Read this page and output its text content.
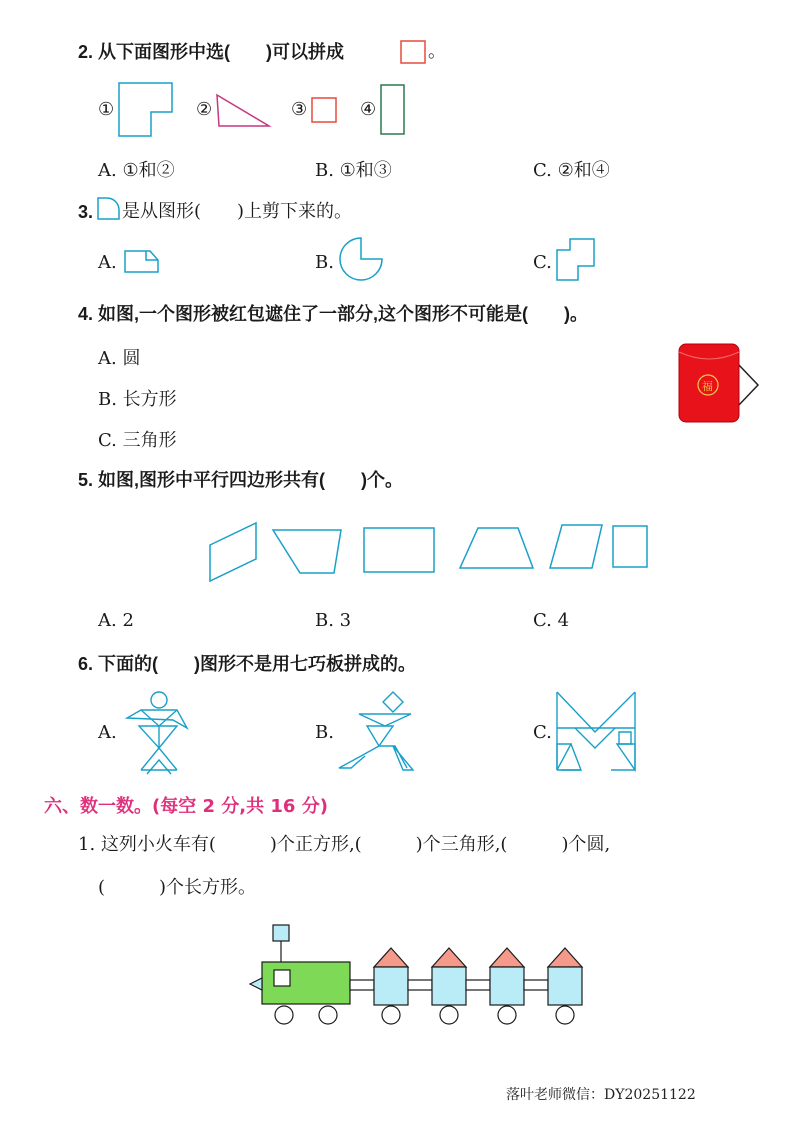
2. 从下面图形中选(　　)可以拼成	。
①	②	③	④
A. ①和②	B. ①和③	C. ②和④
3. 是从图形(　　)上剪下来的。
A.	B.	C.
4. 如图,一个图形被红包遮住了一部分,这个图形不可能是(　　)。
A. 圆
B. 长方形
C. 三角形
福
5. 如图,图形中平行四边形共有(　　)个。
A. 2	B. 3	C. 4
6. 下面的(　　)图形不是用七巧板拼成的。
A.	B.	C.
六、数一数。(每空 2 分,共 16 分)
1. 这列小火车有(　　　)个正方形,(　　　)个三角形,(　　　)个圆,
(　　　)个长方形。
落叶老师微信：DY20251122
